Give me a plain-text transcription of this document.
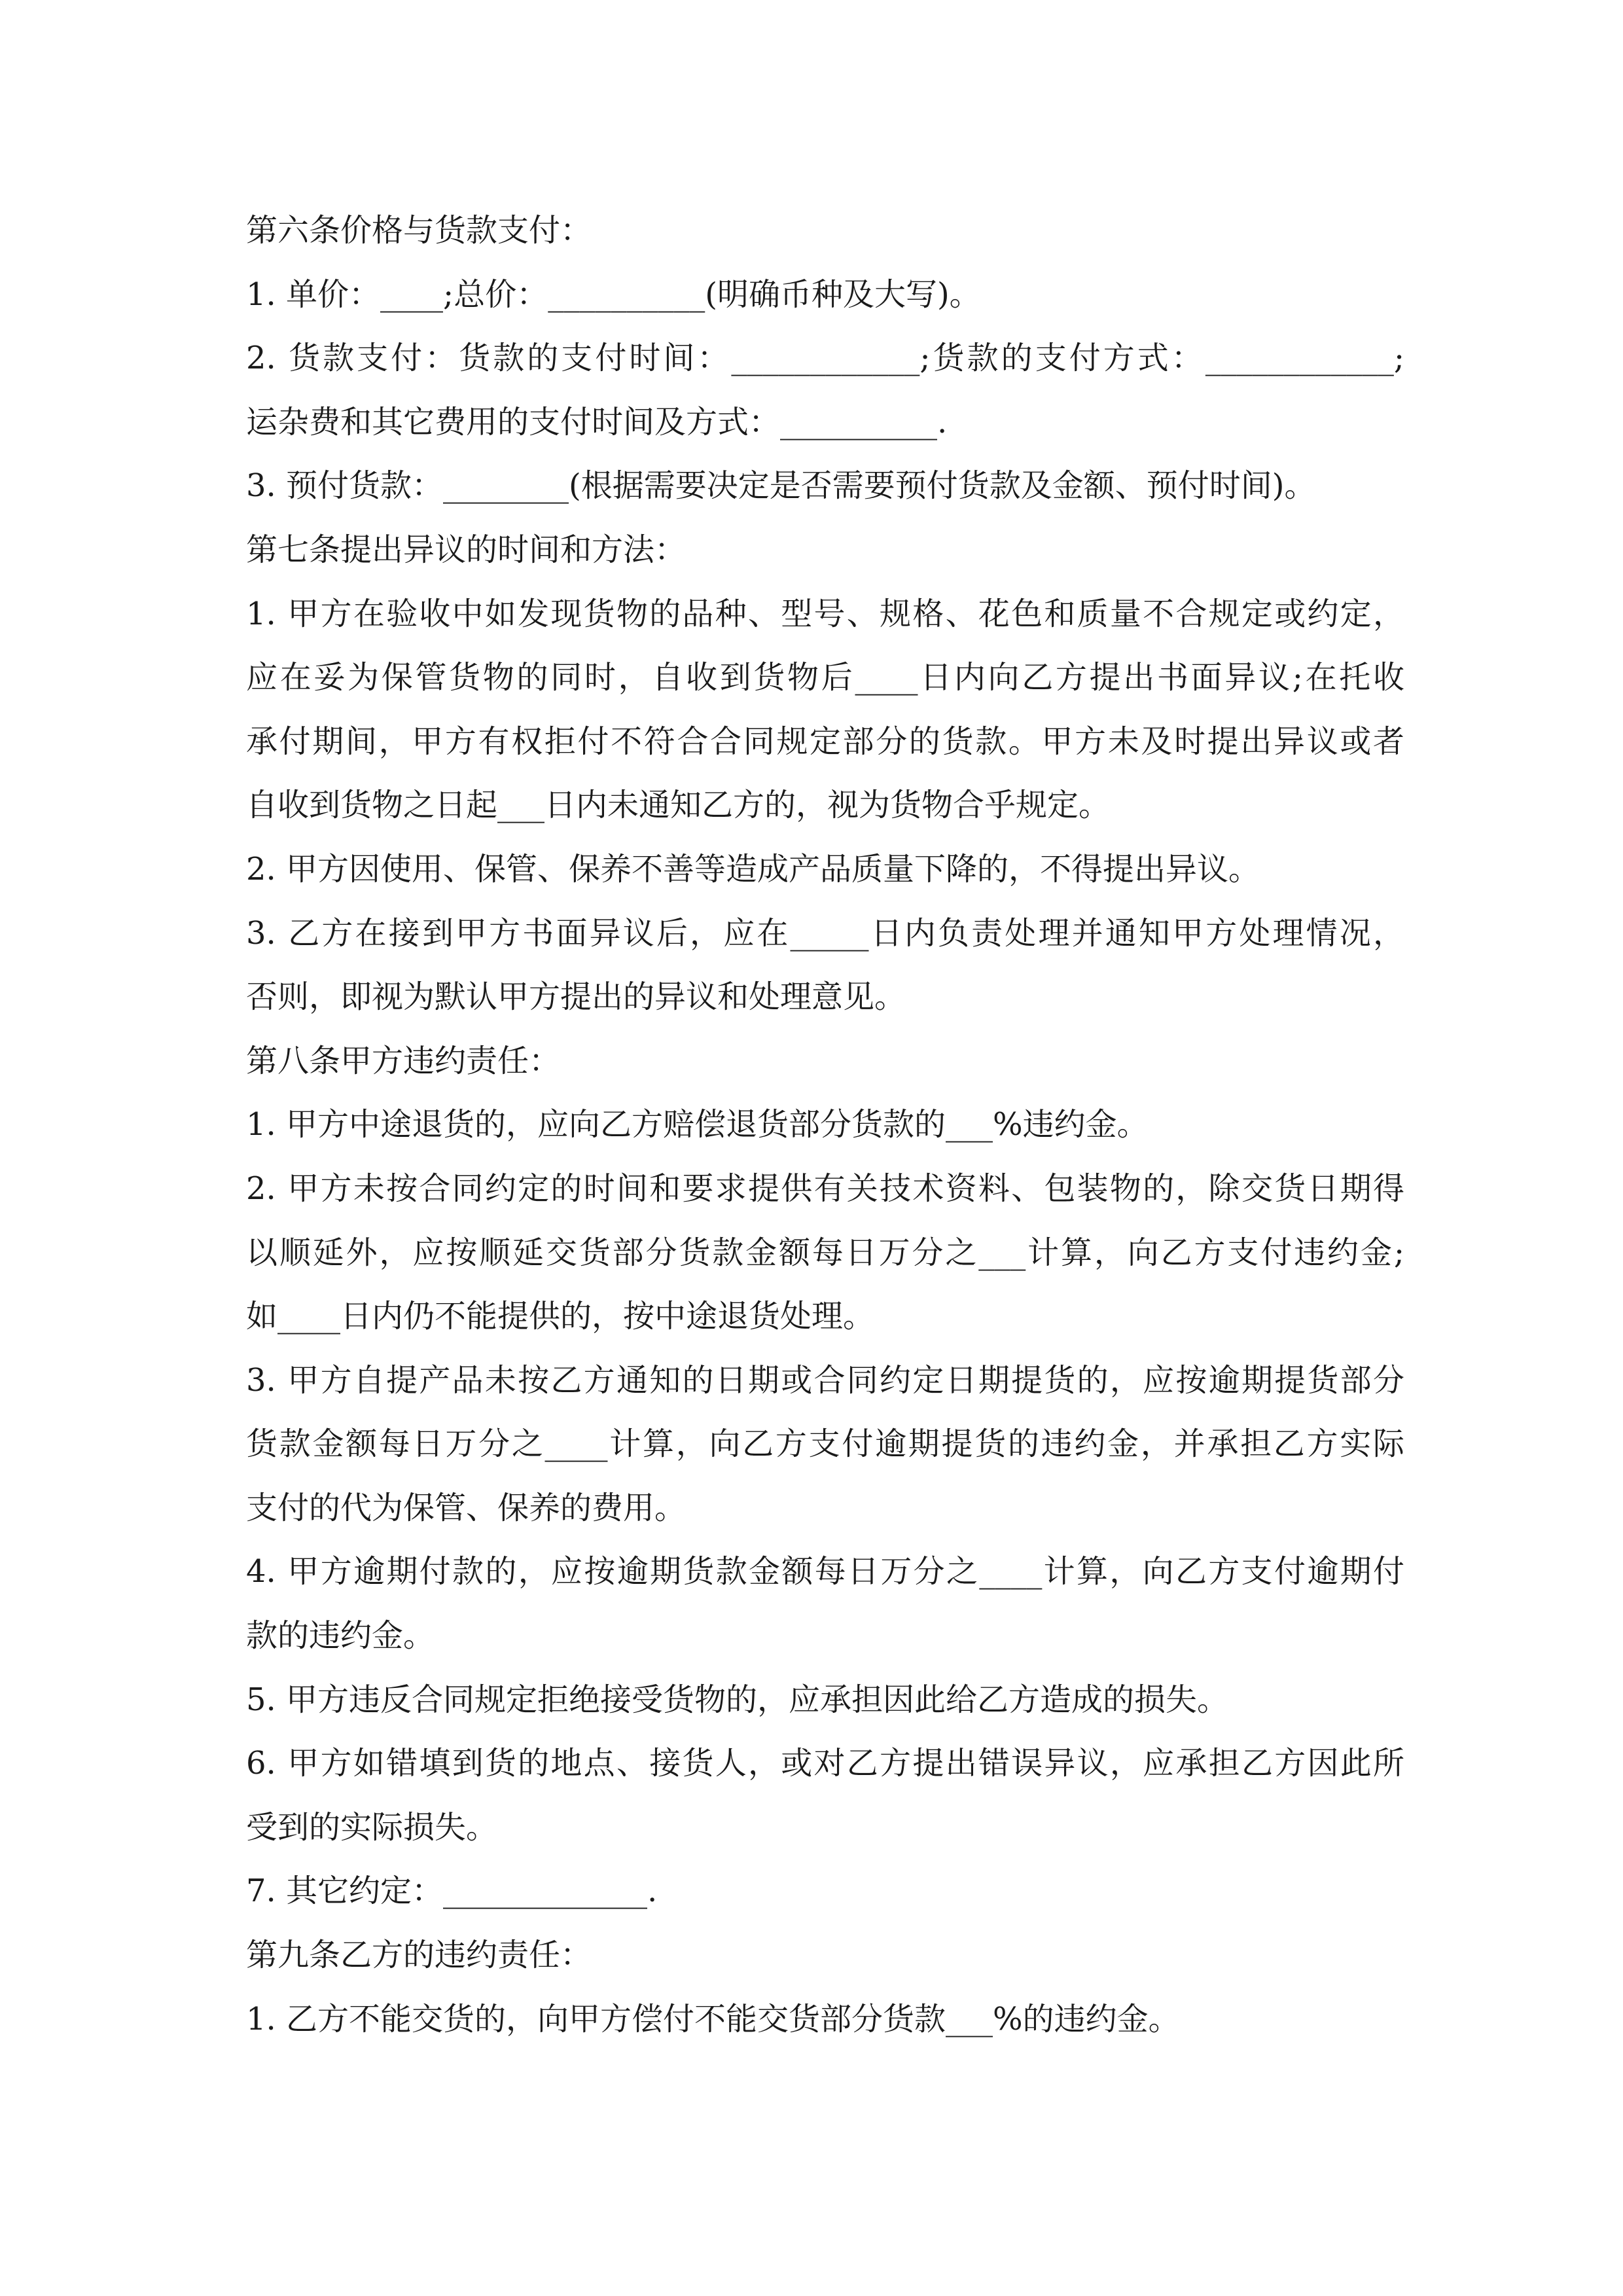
第六条价格与货款支付：
1. 单价：____;总价：__________(明确币种及大写)。
2. 货款支付：货款的支付时间：____________;货款的支付方式：____________;
运杂费和其它费用的支付时间及方式：__________.
3. 预付货款：________(根据需要决定是否需要预付货款及金额、预付时间)。
第七条提出异议的时间和方法：
1. 甲方在验收中如发现货物的品种、型号、规格、花色和质量不合规定或约定，
应在妥为保管货物的同时，自收到货物后____日内向乙方提出书面异议;在托收
承付期间，甲方有权拒付不符合合同规定部分的货款。甲方未及时提出异议或者
自收到货物之日起___日内未通知乙方的，视为货物合乎规定。
2. 甲方因使用、保管、保养不善等造成产品质量下降的，不得提出异议。
3. 乙方在接到甲方书面异议后，应在_____日内负责处理并通知甲方处理情况，
否则，即视为默认甲方提出的异议和处理意见。
第八条甲方违约责任：
1. 甲方中途退货的，应向乙方赔偿退货部分货款的___%违约金。
2. 甲方未按合同约定的时间和要求提供有关技术资料、包装物的，除交货日期得
以顺延外，应按顺延交货部分货款金额每日万分之___计算，向乙方支付违约金;
如____日内仍不能提供的，按中途退货处理。
3. 甲方自提产品未按乙方通知的日期或合同约定日期提货的，应按逾期提货部分
货款金额每日万分之____计算，向乙方支付逾期提货的违约金，并承担乙方实际
支付的代为保管、保养的费用。
4. 甲方逾期付款的，应按逾期货款金额每日万分之____计算，向乙方支付逾期付
款的违约金。
5. 甲方违反合同规定拒绝接受货物的，应承担因此给乙方造成的损失。
6. 甲方如错填到货的地点、接货人，或对乙方提出错误异议，应承担乙方因此所
受到的实际损失。
7. 其它约定：_____________.
第九条乙方的违约责任：
1. 乙方不能交货的，向甲方偿付不能交货部分货款___%的违约金。
